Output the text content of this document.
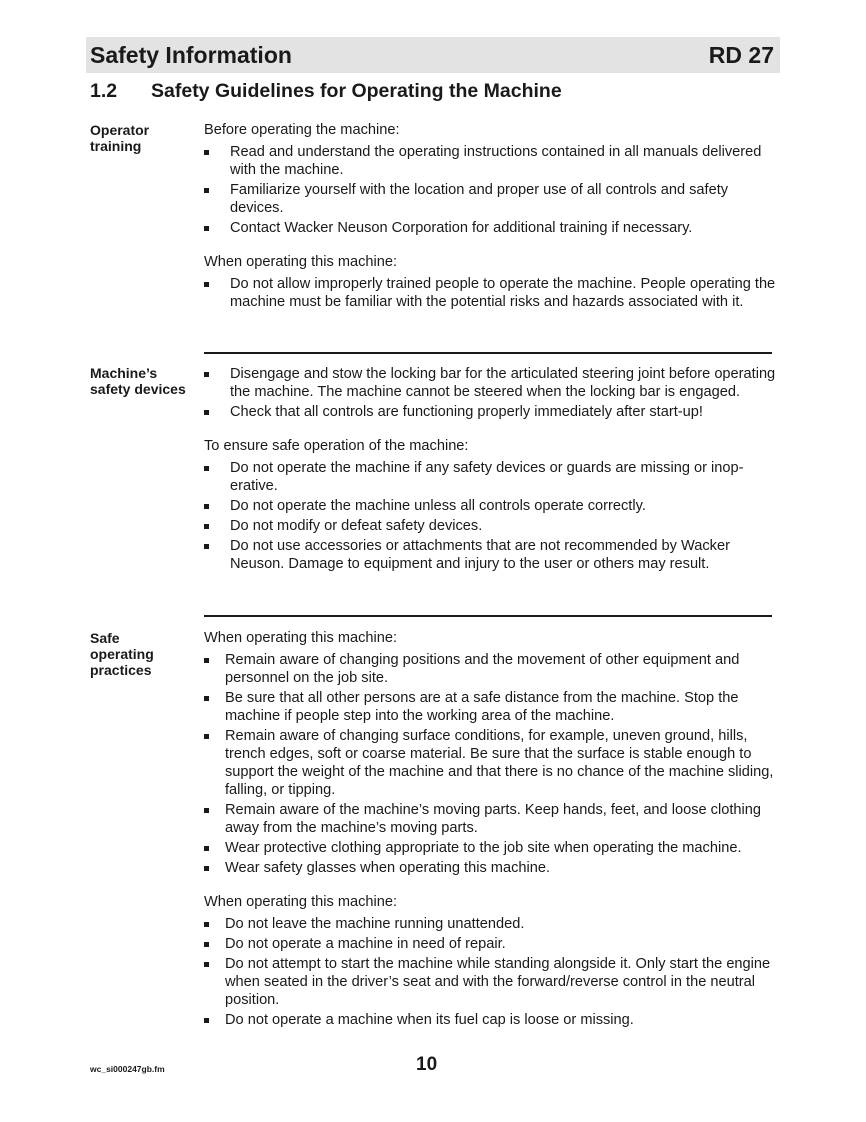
Safety Information	RD 27
1.2 Safety Guidelines for Operating the Machine
Operator training

Before operating the machine:

Read and understand the operating instructions contained in all manuals delivered with the machine.
Familiarize yourself with the location and proper use of all controls and safety devices.
Contact Wacker Neuson Corporation for additional training if necessary.

When operating this machine:

Do not allow improperly trained people to operate the machine. People operating the machine must be familiar with the potential risks and hazards associated with it.
Machine’s safety devices
Disengage and stow the locking bar for the articulated steering joint before operating the machine. The machine cannot be steered when the locking bar is engaged.
Check that all controls are functioning properly immediately after start-up!

To ensure safe operation of the machine:

Do not operate the machine if any safety devices or guards are missing or inop-erative.
Do not operate the machine unless all controls operate correctly.
Do not modify or defeat safety devices.
Do not use accessories or attachments that are not recommended by Wacker Neuson. Damage to equipment and injury to the user or others may result.
Safe operating practices

When operating this machine:

Remain aware of changing positions and the movement of other equipment and personnel on the job site.
Be sure that all other persons are at a safe distance from the machine. Stop the machine if people step into the working area of the machine.
Remain aware of changing surface conditions, for example, uneven ground, hills, trench edges, soft or coarse material. Be sure that the surface is stable enough to support the weight of the machine and that there is no chance of the machine sliding, falling, or tipping.
Remain aware of the machine’s moving parts. Keep hands, feet, and loose clothing away from the machine’s moving parts.
Wear protective clothing appropriate to the job site when operating the machine.
Wear safety glasses when operating this machine.

When operating this machine:

Do not leave the machine running unattended.
Do not operate a machine in need of repair.
Do not attempt to start the machine while standing alongside it. Only start the engine when seated in the driver’s seat and with the forward/reverse control in the neutral position.
Do not operate a machine when its fuel cap is loose or missing.
wc_si000247gb.fm	10
